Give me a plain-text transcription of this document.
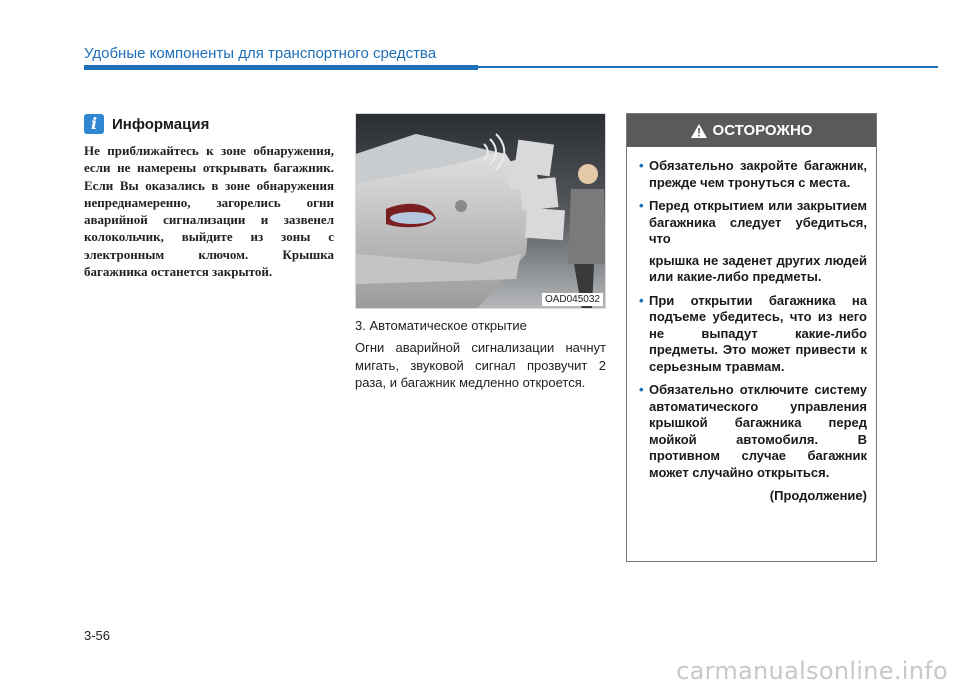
Удобные компоненты для транспортного средства
i Информация
Не приближайтесь к зоне обнаружения, если не намерены открывать багажник. Если Вы оказались в зоне обнаружения непреднамеренно, загорелись огни аварийной сигнализации и зазвенел колокольчик, выйдите из зоны с электронным ключом. Крышка багажника останется закрытой.
OAD045032
3. Автоматическое открытие
Огни аварийной сигнализации начнут мигать, звуковой сигнал прозвучит 2 раза, и багажник медленно откроется.
ОСТОРОЖНО
• Обязательно закройте багажник, прежде чем тронуться с места.
• Перед открытием или закрытием багажника следует убедиться, что
крышка не заденет других людей или какие-либо предметы.
• При открытии багажника на подъеме убедитесь, что из него не выпадут какие-либо предметы. Это может привести к серьезным травмам.
• Обязательно отключите систему автоматического управления крышкой багажника перед мойкой автомобиля. В противном случае багажник может случайно открыться.
(Продолжение)
3-56
carmanualsonline.info
